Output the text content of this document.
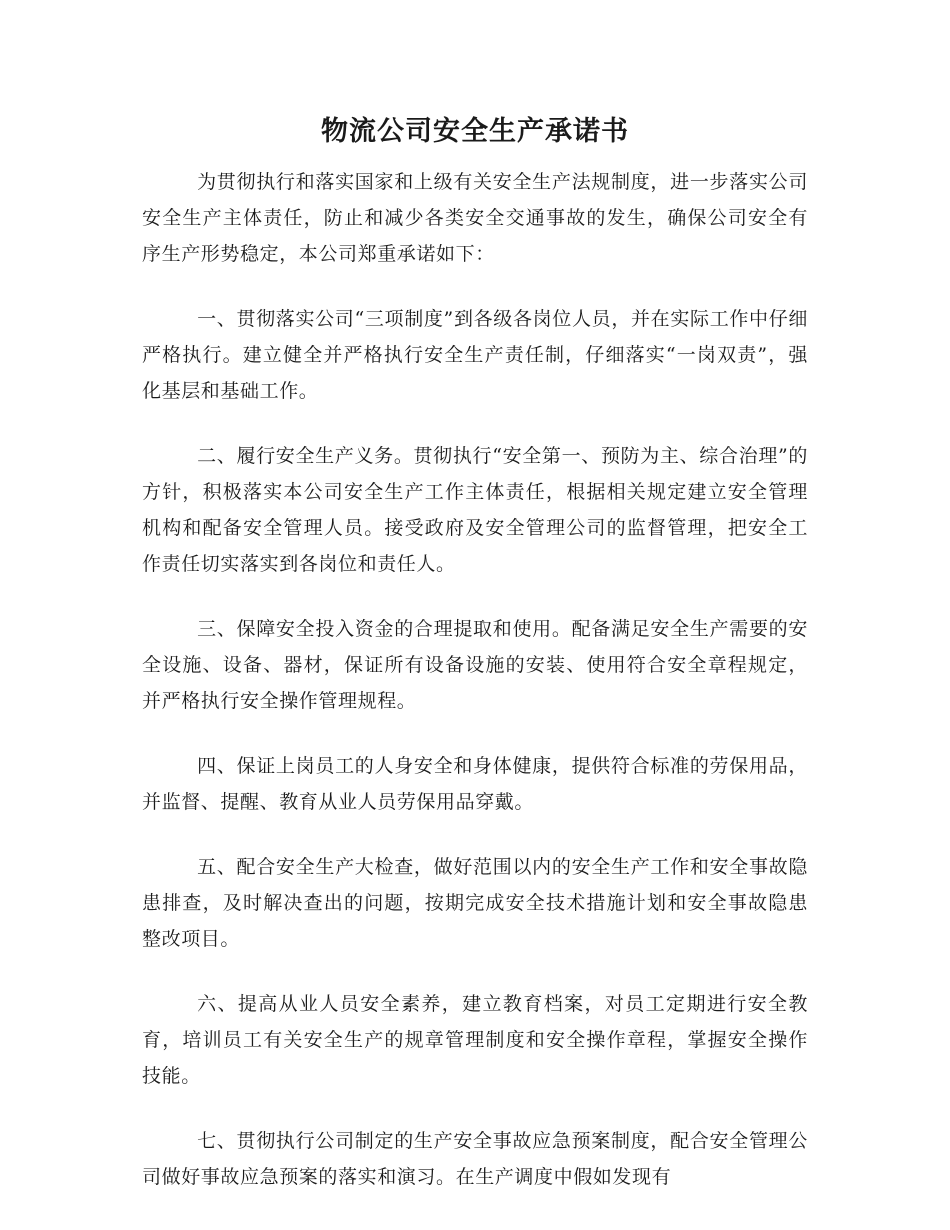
物流公司安全生产承诺书

为贯彻执行和落实国家和上级有关安全生产法规制度，进一步落实公司安全生产主体责任，防止和减少各类安全交通事故的发生，确保公司安全有序生产形势稳定，本公司郑重承诺如下：

一、贯彻落实公司“三项制度”到各级各岗位人员，并在实际工作中仔细严格执行。建立健全并严格执行安全生产责任制，仔细落实“一岗双责”，强化基层和基础工作。

二、履行安全生产义务。贯彻执行“安全第一、预防为主、综合治理”的方针，积极落实本公司安全生产工作主体责任，根据相关规定建立安全管理机构和配备安全管理人员。接受政府及安全管理公司的监督管理，把安全工作责任切实落实到各岗位和责任人。

三、保障安全投入资金的合理提取和使用。配备满足安全生产需要的安全设施、设备、器材，保证所有设备设施的安装、使用符合安全章程规定，并严格执行安全操作管理规程。

四、保证上岗员工的人身安全和身体健康，提供符合标准的劳保用品，并监督、提醒、教育从业人员劳保用品穿戴。

五、配合安全生产大检查，做好范围以内的安全生产工作和安全事故隐患排查，及时解决查出的问题，按期完成安全技术措施计划和安全事故隐患整改项目。

六、提高从业人员安全素养，建立教育档案，对员工定期进行安全教育，培训员工有关安全生产的规章管理制度和安全操作章程，掌握安全操作技能。

七、贯彻执行公司制定的生产安全事故应急预案制度，配合安全管理公司做好事故应急预案的落实和演习。在生产调度中假如发现有
